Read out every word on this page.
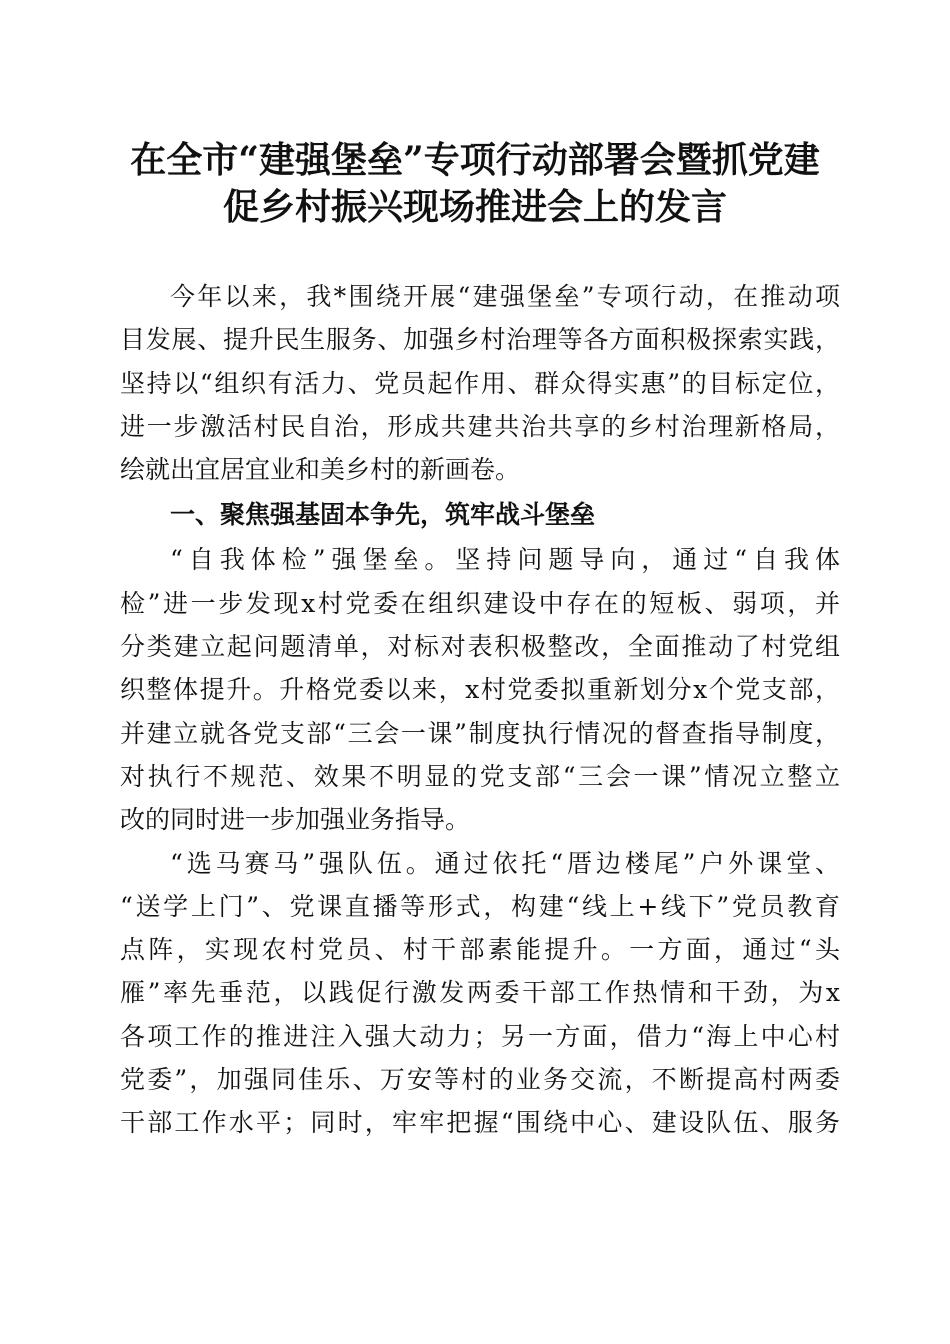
在全市“建强堡垒”专项行动部署会暨抓党建
促乡村振兴现场推进会上的发言
今年以来，我*围绕开展“建强堡垒”专项行动，在推动项
目发展、提升民生服务、加强乡村治理等各方面积极探索实践，
坚持以“组织有活力、党员起作用、群众得实惠”的目标定位，
进一步激活村民自治，形成共建共治共享的乡村治理新格局，
绘就出宜居宜业和美乡村的新画卷。
一、聚焦强基固本争先，筑牢战斗堡垒
“自我体检”强堡垒。坚持问题导向，通过“自我体
检”进一步发现x村党委在组织建设中存在的短板、弱项，并
分类建立起问题清单，对标对表积极整改，全面推动了村党组
织整体提升。升格党委以来，x村党委拟重新划分x个党支部，
并建立就各党支部“三会一课”制度执行情况的督查指导制度，
对执行不规范、效果不明显的党支部“三会一课”情况立整立
改的同时进一步加强业务指导。
“选马赛马”强队伍。通过依托“厝边楼尾”户外课堂、
“送学上门”、党课直播等形式，构建“线上+线下”党员教育
点阵，实现农村党员、村干部素能提升。一方面，通过“头
雁”率先垂范，以践促行激发两委干部工作热情和干劲，为x
各项工作的推进注入强大动力；另一方面，借力“海上中心村
党委”，加强同佳乐、万安等村的业务交流，不断提高村两委
干部工作水平；同时，牢牢把握“围绕中心、建设队伍、服务
